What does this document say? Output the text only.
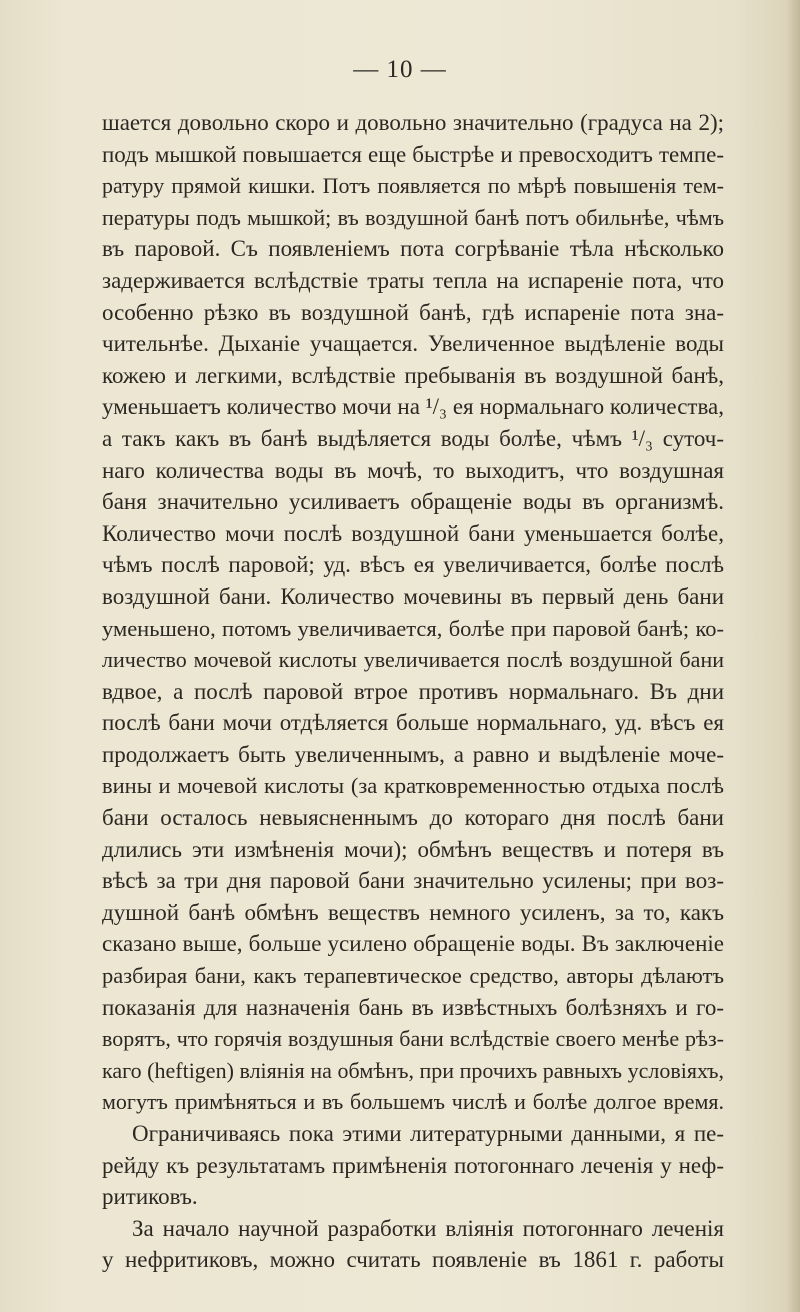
— 10 —
шается довольно скоро и довольно значительно (градуса на 2);
подъ мышкой повышается еще быстрѣе и превосходитъ темпе-
ратуру прямой кишки. Потъ появляется по мѣрѣ повышенія тем-
пературы подъ мышкой; въ воздушной банѣ потъ обильнѣе, чѣмъ
въ паровой. Съ появленіемъ пота согрѣваніе тѣла нѣсколько
задерживается вслѣдствіе траты тепла на испареніе пота, что
особенно рѣзко въ воздушной банѣ, гдѣ испареніе пота зна-
чительнѣе. Дыханіе учащается. Увеличенное выдѣленіе воды
кожею и легкими, вслѣдствіе пребыванія въ воздушной банѣ,
уменьшаетъ количество мочи на ¹/₃ ея нормальнаго количества,
а такъ какъ въ банѣ выдѣляется воды болѣе, чѣмъ ¹/₃ суточ-
наго количества воды въ мочѣ, то выходитъ, что воздушная
баня значительно усиливаетъ обращеніе воды въ организмѣ.
Количество мочи послѣ воздушной бани уменьшается болѣе,
чѣмъ послѣ паровой; уд. вѣсъ ея увеличивается, болѣе послѣ
воздушной бани. Количество мочевины въ первый день бани
уменьшено, потомъ увеличивается, болѣе при паровой банѣ; ко-
личество мочевой кислоты увеличивается послѣ воздушной бани
вдвое, а послѣ паровой втрое противъ нормальнаго. Въ дни
послѣ бани мочи отдѣляется больше нормальнаго, уд. вѣсъ ея
продолжаетъ быть увеличеннымъ, а равно и выдѣленіе моче-
вины и мочевой кислоты (за кратковременностью отдыха послѣ
бани осталось невыясненнымъ до котораго дня послѣ бани
длились эти измѣненія мочи); обмѣнъ веществъ и потеря въ
вѣсѣ за три дня паровой бани значительно усилены; при воз-
душной банѣ обмѣнъ веществъ немного усиленъ, за то, какъ
сказано выше, больше усилено обращеніе воды. Въ заключеніе
разбирая бани, какъ терапевтическое средство, авторы дѣлаютъ
показанія для назначенія бань въ извѣстныхъ болѣзняхъ и го-
ворятъ, что горячія воздушныя бани вслѣдствіе своего менѣе рѣз-
каго (heftigen) вліянія на обмѣнъ, при прочихъ равныхъ условіяхъ,
могутъ примѣняться и въ большемъ числѣ и болѣе долгое время.
Ограничиваясь пока этими литературными данными, я пе-
рейду къ результатамъ примѣненія потогоннаго леченія у неф-
ритиковъ.
За начало научной разработки вліянія потогоннаго леченія
у нефритиковъ, можно считать появленіе въ 1861 г. работы
